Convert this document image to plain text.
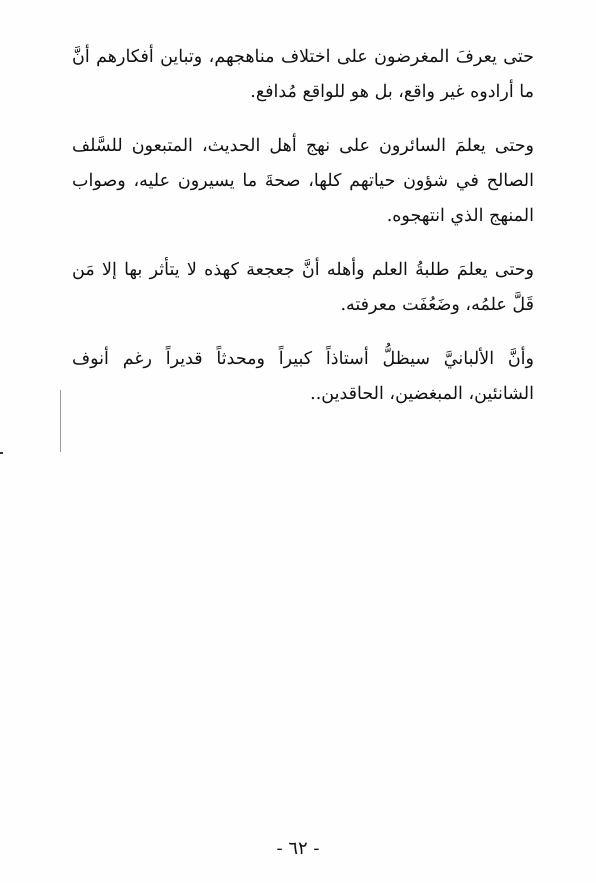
حتى يعرفَ المغرضون على اختلاف مناهجهم، وتباين أفكارهم أنَّ ما أرادوه غير واقع، بل هو للواقع مُدافع.

وحتى يعلمَ السائرون على نهج أهل الحديث، المتبعون للسَّلف الصالح في شؤون حياتهم كلها، صحةَ ما يسيرون عليه، وصواب المنهج الذي انتهجوه.

وحتى يعلمَ طلبةُ العلم وأهله أنَّ جعجعة كهذه لا يتأثر بها إلا مَن قَلَّ علمُه، وضَعُفَت معرفته.

وأنَّ الألبانيَّ سيظلُّ أستاذاً كبيراً ومحدثاً قديراً رغم أنوف الشانئين، المبغضين، الحاقدين..

- ٦٢ -
